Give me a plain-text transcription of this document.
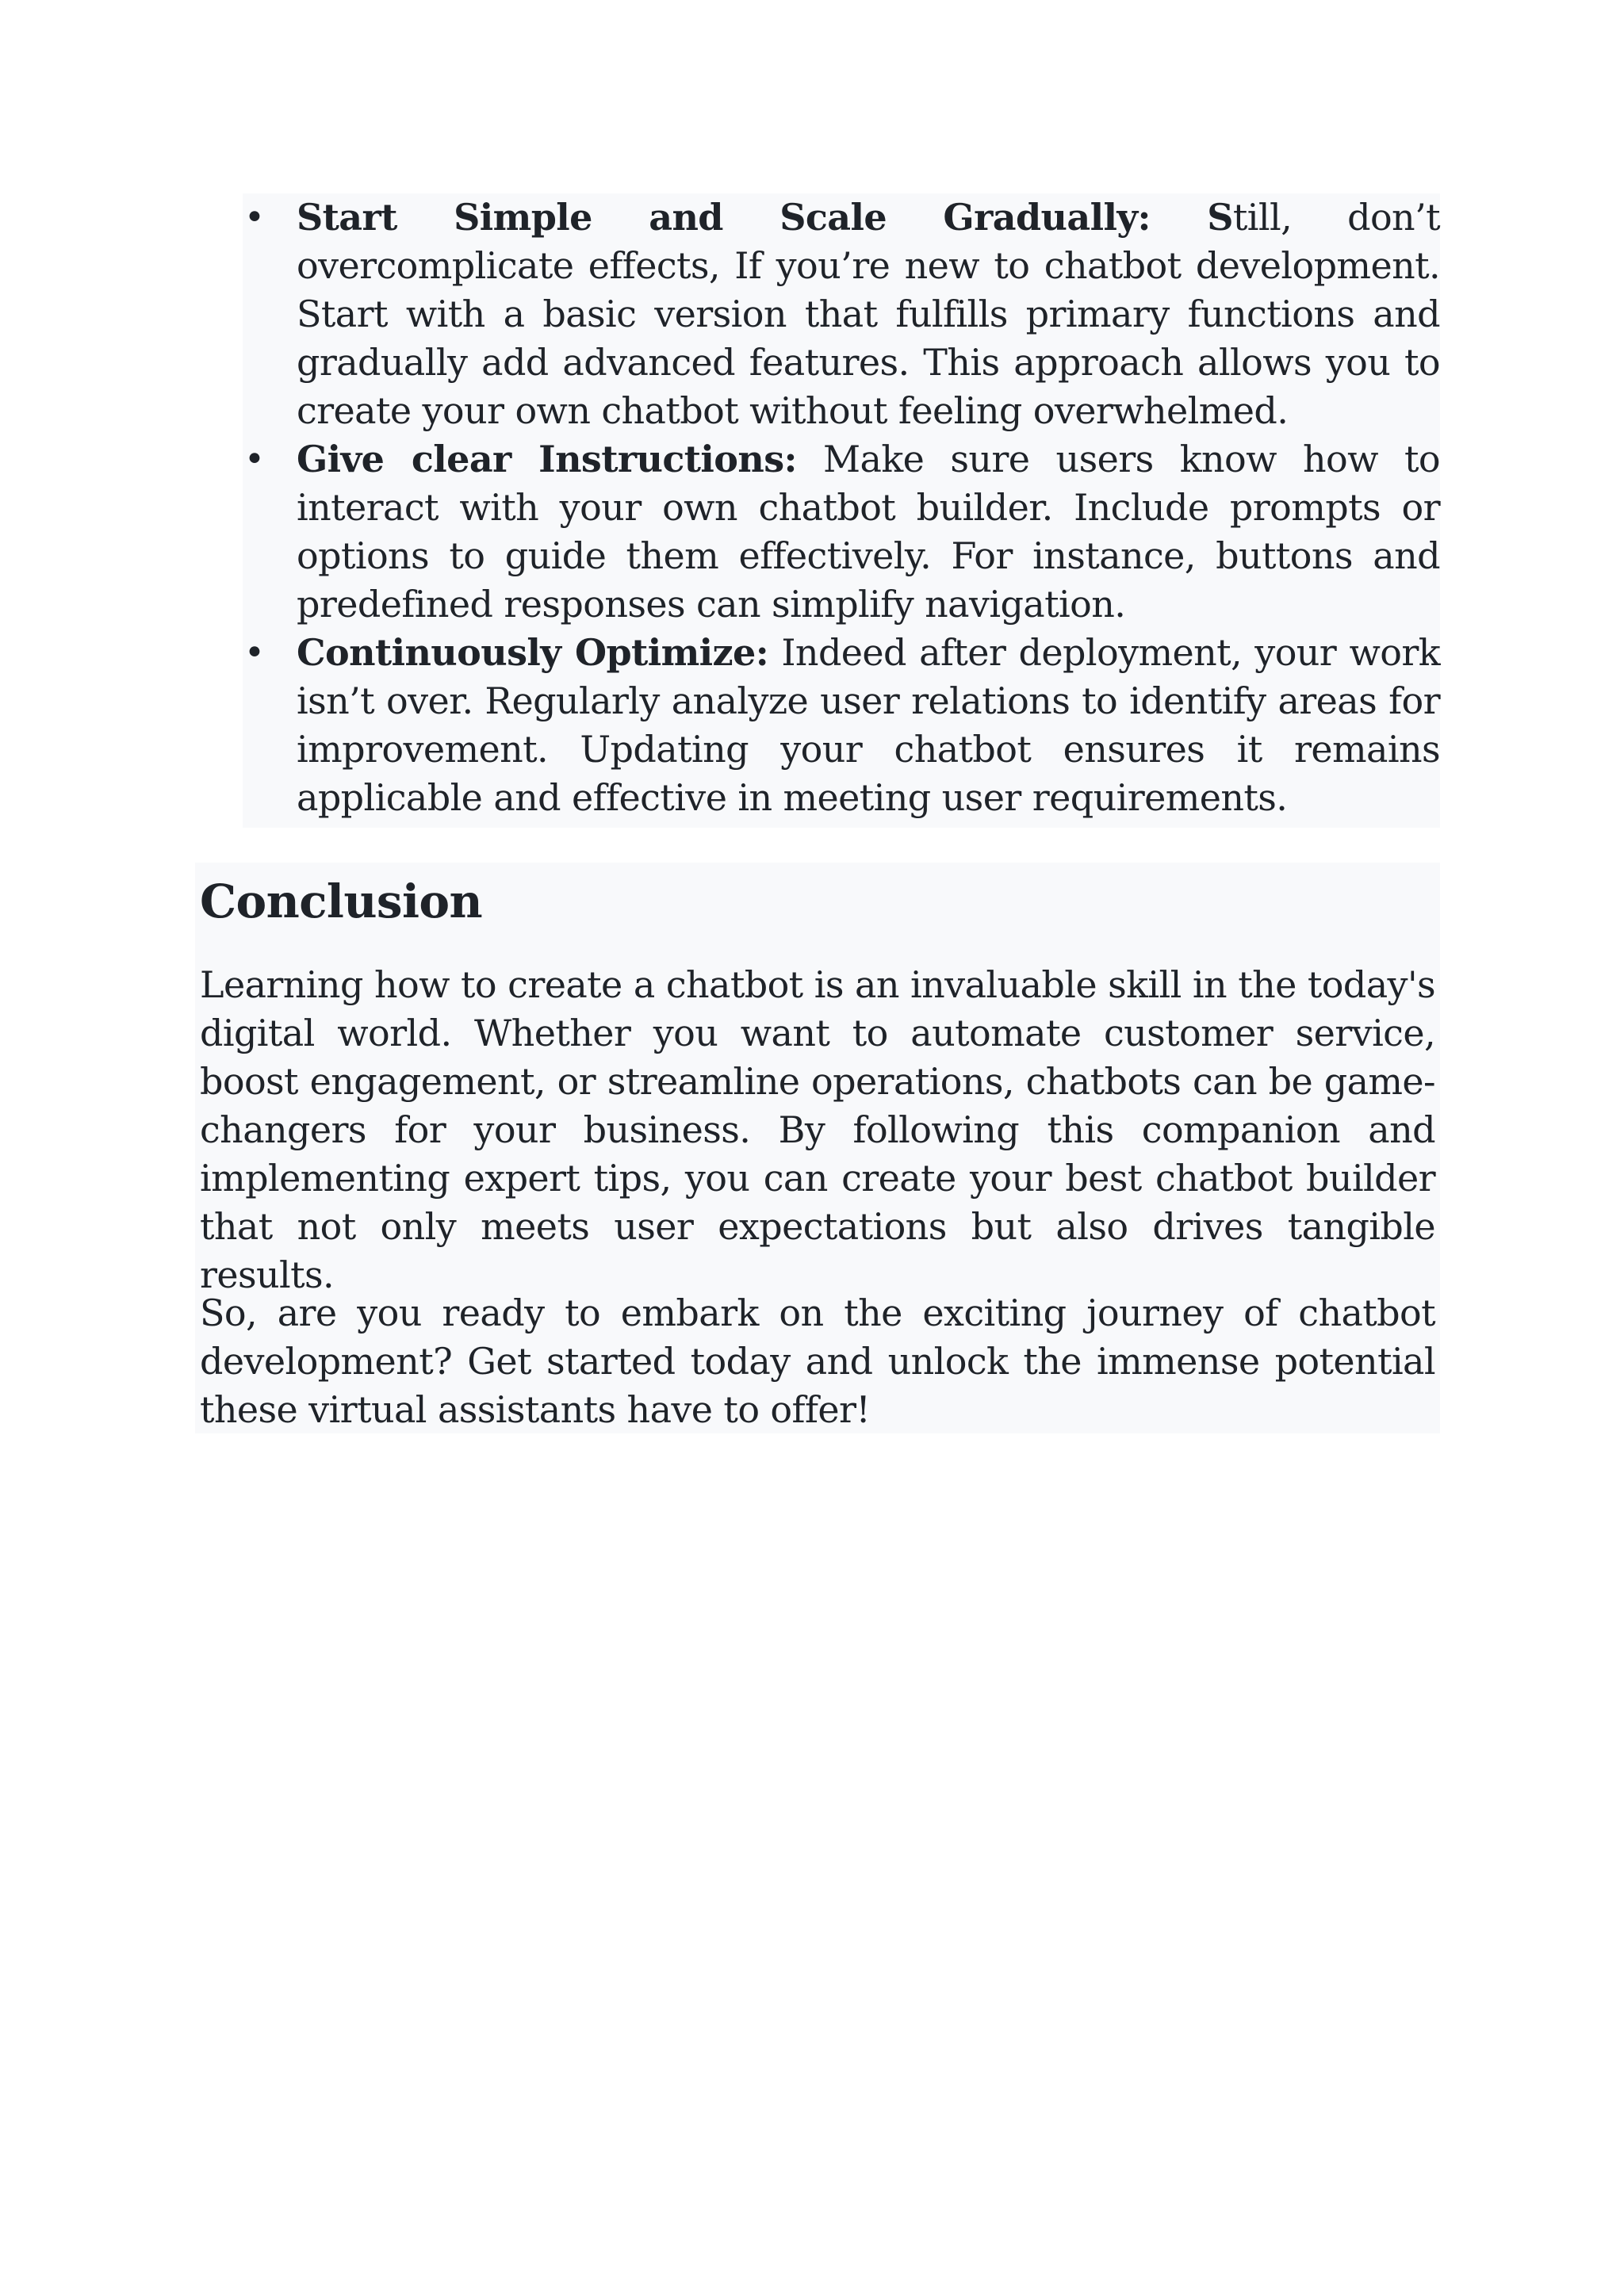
• Start Simple and Scale Gradually: Still, don’t overcomplicate effects, If you’re new to chatbot development. Start with a basic version that fulfills primary functions and gradually add advanced features. This approach allows you to create your own chatbot without feeling overwhelmed.
• Give clear Instructions: Make sure users know how to interact with your own chatbot builder. Include prompts or options to guide them effectively. For instance, buttons and predefined responses can simplify navigation.
• Continuously Optimize: Indeed after deployment, your work isn’t over. Regularly analyze user relations to identify areas for improvement. Updating your chatbot ensures it remains applicable and effective in meeting user requirements.
Conclusion

Learning how to create a chatbot is an invaluable skill in the today's digital world. Whether you want to automate customer service, boost engagement, or streamline operations, chatbots can be game-changers for your business. By following this companion and implementing expert tips, you can create your best chatbot builder that not only meets user expectations but also drives tangible results.

So, are you ready to embark on the exciting journey of chatbot development? Get started today and unlock the immense potential these virtual assistants have to offer!
